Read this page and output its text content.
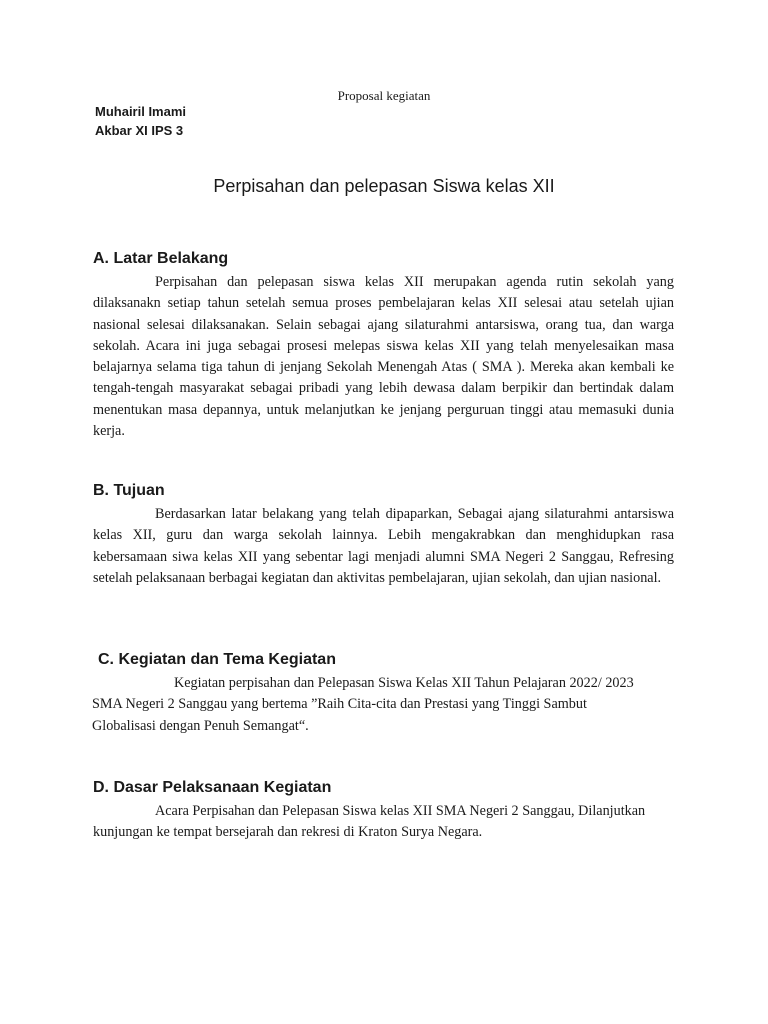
Proposal kegiatan
Muhairil Imami
Akbar XI IPS 3
Perpisahan dan pelepasan Siswa kelas XII
A. Latar Belakang

Perpisahan dan pelepasan siswa kelas XII merupakan agenda rutin sekolah yang dilaksanakn setiap tahun setelah semua proses pembelajaran kelas XII selesai atau setelah ujian nasional selesai dilaksanakan. Selain sebagai ajang silaturahmi antarsiswa, orang tua, dan warga sekolah. Acara ini juga sebagai prosesi melepas siswa kelas XII yang telah menyelesaikan masa belajarnya selama tiga tahun di jenjang Sekolah Menengah Atas ( SMA ). Mereka akan kembali ke tengah-tengah masyarakat sebagai pribadi yang lebih dewasa dalam berpikir dan bertindak dalam menentukan masa depannya, untuk melanjutkan ke jenjang perguruan tinggi atau memasuki dunia kerja.

B. Tujuan

Berdasarkan latar belakang yang telah dipaparkan, Sebagai ajang silaturahmi antarsiswa kelas XII, guru dan warga sekolah lainnya. Lebih mengakrabkan dan menghidupkan rasa kebersamaan siwa kelas XII yang sebentar lagi menjadi alumni SMA Negeri 2 Sanggau, Refresing setelah pelaksanaan berbagai kegiatan dan aktivitas pembelajaran, ujian sekolah, dan ujian nasional.

C. Kegiatan dan Tema Kegiatan

Kegiatan perpisahan dan Pelepasan Siswa Kelas XII Tahun Pelajaran 2022/ 2023 SMA Negeri 2 Sanggau yang bertema ”Raih Cita-cita dan Prestasi yang Tinggi Sambut Globalisasi dengan Penuh Semangat“.

D. Dasar Pelaksanaan Kegiatan

Acara Perpisahan dan Pelepasan Siswa kelas XII SMA Negeri 2 Sanggau, Dilanjutkan kunjungan ke tempat bersejarah dan rekresi di Kraton Surya Negara.
